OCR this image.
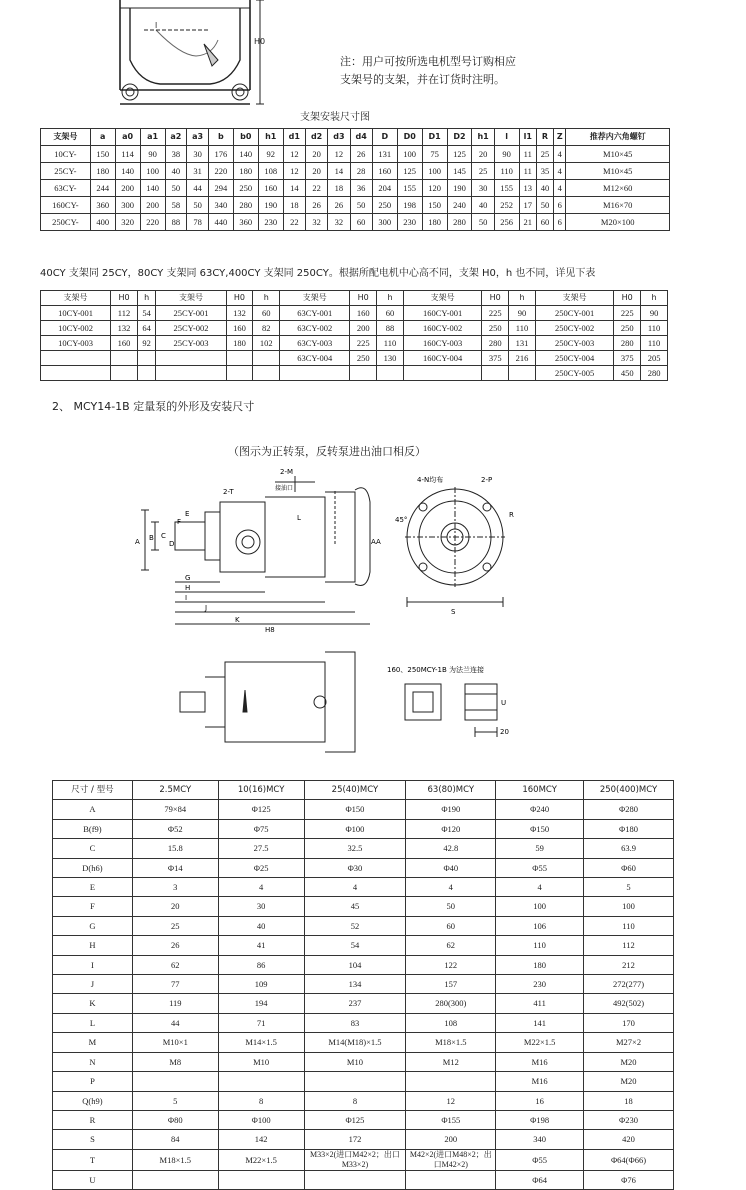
l
H0
注：用户可按所选电机型号订购相应
支架号的支架，并在订货时注明。
支架安装尺寸图
支架号	a	a0	a1	a2	a3	b	b0	h1	d1	d2	d3	d4	D	D0	D1	D2	h1	l	l1	R	Z	推荐内六角螺钉
10CY-	150	114	90	38	30	176	140	92	12	20	12	26	131	100	75	125	20	90	11	25	4	M10×45
25CY-	180	140	100	40	31	220	180	108	12	20	14	28	160	125	100	145	25	110	11	35	4	M10×45
63CY-	244	200	140	50	44	294	250	160	14	22	18	36	204	155	120	190	30	155	13	40	4	M12×60
160CY-	360	300	200	58	50	340	280	190	18	26	26	50	250	198	150	240	40	252	17	50	6	M16×70
250CY-	400	320	220	88	78	440	360	230	22	32	32	60	300	230	180	280	50	256	21	60	6	M20×100
40CY 支架同 25CY，80CY 支架同 63CY,400CY 支架同 250CY。根据所配电机中心高不同，支架 H0，h 也不同，详见下表
支架号	H0	h	支架号	H0	h	支架号	H0	h	支架号	H0	h	支架号	H0	h
10CY-001	112	54	25CY-001	132	60	63CY-001	160	60	160CY-001	225	90	250CY-001	225	90
10CY-002	132	64	25CY-002	160	82	63CY-002	200	88	160CY-002	250	110	250CY-002	250	110
10CY-003	160	92	25CY-003	180	102	63CY-003	225	110	160CY-003	280	131	250CY-003	280	110
						63CY-004	250	130	160CY-004	375	216	250CY-004	375	205
												250CY-005	450	280
2、 MCY14-1B 定量泵的外形及安装尺寸
（图示为正转泵，反转泵进出油口相反）
2-M
接油口
2-T
4-N均布	2-P
45°
A B C
D
E
F
G
H
I
J
K
L	R
S
AA
H8
160、250MCY-1B 为法兰连接
20
U
尺寸 / 型号	2.5MCY	10(16)MCY	25(40)MCY	63(80)MCY	160MCY	250(400)MCY
A	79×84	Φ125	Φ150	Φ190	Φ240	Φ280
B(f9)	Φ52	Φ75	Φ100	Φ120	Φ150	Φ180
C	15.8	27.5	32.5	42.8	59	63.9
D(h6)	Φ14	Φ25	Φ30	Φ40	Φ55	Φ60
E	3	4	4	4	4	5
F	20	30	45	50	100	100
G	25	40	52	60	106	110
H	26	41	54	62	110	112
I	62	86	104	122	180	212
J	77	109	134	157	230	272(277)
K	119	194	237	280(300)	411	492(502)
L	44	71	83	108	141	170
M	M10×1	M14×1.5	M14(M18)×1.5	M18×1.5	M22×1.5	M27×2
N	M8	M10	M10	M12	M16	M20
P					M16	M20
Q(h9)	5	8	8	12	16	18
R	Φ80	Φ100	Φ125	Φ155	Φ198	Φ230
S	84	142	172	200	340	420
T	M18×1.5	M22×1.5	M33×2(进口M42×2；出口M33×2)	M42×2(进口M48×2；出口M42×2)	Φ55	Φ64(Φ66)
U					Φ64	Φ76
